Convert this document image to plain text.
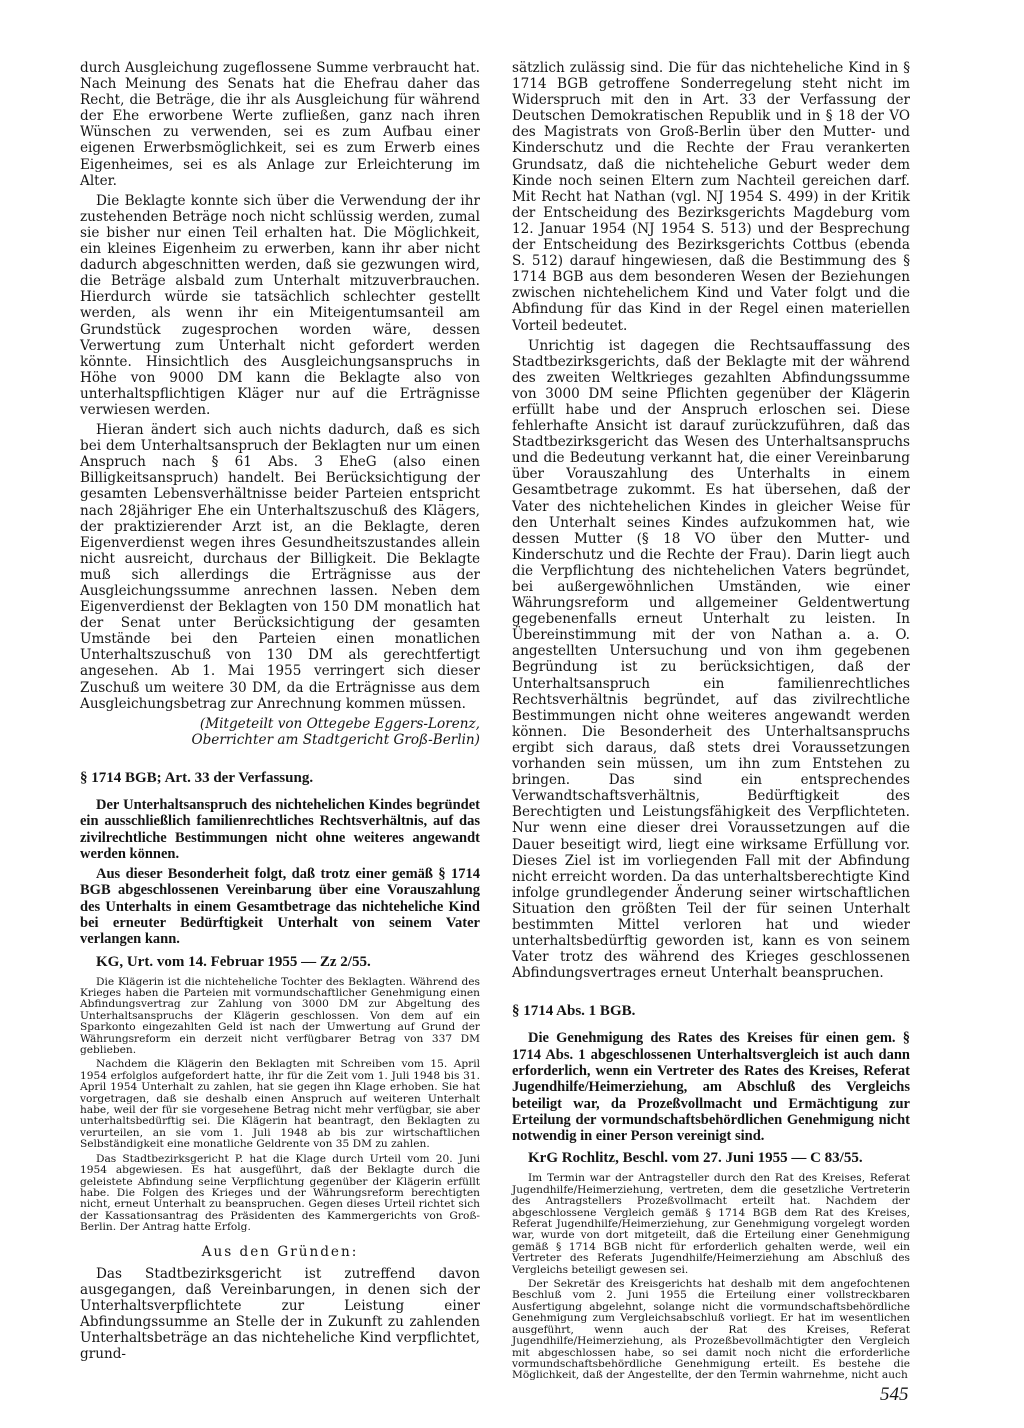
durch Ausgleichung zugeflossene Summe verbraucht hat. Nach Meinung des Senats hat die Ehefrau daher das Recht, die Beträge, die ihr als Ausgleichung für während der Ehe erworbene Werte zufließen, ganz nach ihren Wünschen zu verwenden, sei es zum Aufbau einer eigenen Erwerbsmöglichkeit, sei es zum Erwerb eines Eigenheimes, sei es als Anlage zur Erleichterung im Alter.

Die Beklagte konnte sich über die Verwendung der ihr zustehenden Beträge noch nicht schlüssig werden, zumal sie bisher nur einen Teil erhalten hat. Die Möglichkeit, ein kleines Eigenheim zu erwerben, kann ihr aber nicht dadurch abgeschnitten werden, daß sie gezwungen wird, die Beträge alsbald zum Unterhalt mitzuverbrauchen. Hierdurch würde sie tatsächlich schlechter gestellt werden, als wenn ihr ein Miteigentumsanteil am Grundstück zugesprochen worden wäre, dessen Verwertung zum Unterhalt nicht gefordert werden könnte. Hinsichtlich des Ausgleichungsanspruchs in Höhe von 9000 DM kann die Beklagte also von unterhaltspflichtigen Kläger nur auf die Erträgnisse verwiesen werden.

Hieran ändert sich auch nichts dadurch, daß es sich bei dem Unterhaltsanspruch der Beklagten nur um einen Anspruch nach § 61 Abs. 3 EheG (also einen Billigkeitsanspruch) handelt. Bei Berücksichtigung der gesamten Lebensverhältnisse beider Parteien entspricht nach 28jähriger Ehe ein Unterhaltszuschuß des Klägers, der praktizierender Arzt ist, an die Beklagte, deren Eigenverdienst wegen ihres Gesundheitszustandes allein nicht ausreicht, durchaus der Billigkeit. Die Beklagte muß sich allerdings die Erträgnisse aus der Ausgleichungssumme anrechnen lassen. Neben dem Eigenverdienst der Beklagten von 150 DM monatlich hat der Senat unter Berücksichtigung der gesamten Umstände bei den Parteien einen monatlichen Unterhaltszuschuß von 130 DM als gerechtfertigt angesehen. Ab 1. Mai 1955 verringert sich dieser Zuschuß um weitere 30 DM, da die Erträgnisse aus dem Ausgleichungsbetrag zur Anrechnung kommen müssen.

(Mitgeteilt von Ottegebe Eggers-Lorenz,
Oberrichter am Stadtgericht Groß-Berlin)

§ 1714 BGB; Art. 33 der Verfassung.

Der Unterhaltsanspruch des nichtehelichen Kindes begründet ein ausschließlich familienrechtliches Rechtsverhältnis, auf das zivilrechtliche Bestimmungen nicht ohne weiteres angewandt werden können.

Aus dieser Besonderheit folgt, daß trotz einer gemäß § 1714 BGB abgeschlossenen Vereinbarung über eine Vorauszahlung des Unterhalts in einem Gesamtbetrage das nichteheliche Kind bei erneuter Bedürftigkeit Unterhalt von seinem Vater verlangen kann.

KG, Urt. vom 14. Februar 1955 — Zz 2/55.

Die Klägerin ist die nichteheliche Tochter des Beklagten. Während des Krieges haben die Parteien mit vormundschaftlicher Genehmigung einen Abfindungsvertrag zur Zahlung von 3000 DM zur Abgeltung des Unterhaltsanspruchs der Klägerin geschlossen. Von dem auf ein Sparkonto eingezahlten Geld ist nach der Umwertung auf Grund der Währungsreform ein derzeit nicht verfügbarer Betrag von 337 DM geblieben.

Nachdem die Klägerin den Beklagten mit Schreiben vom 15. April 1954 erfolglos aufgefordert hatte, ihr für die Zeit vom 1. Juli 1948 bis 31. April 1954 Unterhalt zu zahlen, hat sie gegen ihn Klage erhoben. Sie hat vorgetragen, daß sie deshalb einen Anspruch auf weiteren Unterhalt habe, weil der für sie vorgesehene Betrag nicht mehr verfügbar, sie aber unterhaltsbedürftig sei. Die Klägerin hat beantragt, den Beklagten zu verurteilen, an sie vom 1. Juli 1948 ab bis zur wirtschaftlichen Selbständigkeit eine monatliche Geldrente von 35 DM zu zahlen.

Das Stadtbezirksgericht P. hat die Klage durch Urteil vom 20. Juni 1954 abgewiesen. Es hat ausgeführt, daß der Beklagte durch die geleistete Abfindung seine Verpflichtung gegenüber der Klägerin erfüllt habe. Die Folgen des Krieges und der Währungsreform berechtigten nicht, erneut Unterhalt zu beanspruchen. Gegen dieses Urteil richtet sich der Kassationsantrag des Präsidenten des Kammergerichts von Groß-Berlin. Der Antrag hatte Erfolg.

Aus den Gründen:

Das Stadtbezirksgericht ist zutreffend davon ausgegangen, daß Vereinbarungen, in denen sich der Unterhaltsverpflichtete zur Leistung einer Abfindungssumme an Stelle der in Zukunft zu zahlenden Unterhaltsbeträge an das nichteheliche Kind verpflichtet, grund-

sätzlich zulässig sind. Die für das nichteheliche Kind in § 1714 BGB getroffene Sonderregelung steht nicht im Widerspruch mit den in Art. 33 der Verfassung der Deutschen Demokratischen Republik und in § 18 der VO des Magistrats von Groß-Berlin über den Mutter- und Kinderschutz und die Rechte der Frau verankerten Grundsatz, daß die nichteheliche Geburt weder dem Kinde noch seinen Eltern zum Nachteil gereichen darf. Mit Recht hat Nathan (vgl. NJ 1954 S. 499) in der Kritik der Entscheidung des Bezirksgerichts Magdeburg vom 12. Januar 1954 (NJ 1954 S. 513) und der Besprechung der Entscheidung des Bezirksgerichts Cottbus (ebenda S. 512) darauf hingewiesen, daß die Bestimmung des § 1714 BGB aus dem besonderen Wesen der Beziehungen zwischen nichtehelichem Kind und Vater folgt und die Abfindung für das Kind in der Regel einen materiellen Vorteil bedeutet.

Unrichtig ist dagegen die Rechtsauffassung des Stadtbezirksgerichts, daß der Beklagte mit der während des zweiten Weltkrieges gezahlten Abfindungssumme von 3000 DM seine Pflichten gegenüber der Klägerin erfüllt habe und der Anspruch erloschen sei. Diese fehlerhafte Ansicht ist darauf zurückzuführen, daß das Stadtbezirksgericht das Wesen des Unterhaltsanspruchs und die Bedeutung verkannt hat, die einer Vereinbarung über Vorauszahlung des Unterhalts in einem Gesamtbetrage zukommt. Es hat übersehen, daß der Vater des nichtehelichen Kindes in gleicher Weise für den Unterhalt seines Kindes aufzukommen hat, wie dessen Mutter (§ 18 VO über den Mutter- und Kinderschutz und die Rechte der Frau). Darin liegt auch die Verpflichtung des nichtehelichen Vaters begründet, bei außergewöhnlichen Umständen, wie einer Währungsreform und allgemeiner Geldentwertung gegebenenfalls erneut Unterhalt zu leisten. In Übereinstimmung mit der von Nathan a. a. O. angestellten Untersuchung und von ihm gegebenen Begründung ist zu berücksichtigen, daß der Unterhaltsanspruch ein familienrechtliches Rechtsverhältnis begründet, auf das zivilrechtliche Bestimmungen nicht ohne weiteres angewandt werden können. Die Besonderheit des Unterhaltsanspruchs ergibt sich daraus, daß stets drei Voraussetzungen vorhanden sein müssen, um ihn zum Entstehen zu bringen. Das sind ein entsprechendes Verwandtschaftsverhältnis, Bedürftigkeit des Berechtigten und Leistungsfähigkeit des Verpflichteten. Nur wenn eine dieser drei Voraussetzungen auf die Dauer beseitigt wird, liegt eine wirksame Erfüllung vor. Dieses Ziel ist im vorliegenden Fall mit der Abfindung nicht erreicht worden. Da das unterhaltsberechtigte Kind infolge grundlegender Änderung seiner wirtschaftlichen Situation den größten Teil der für seinen Unterhalt bestimmten Mittel verloren hat und wieder unterhaltsbedürftig geworden ist, kann es von seinem Vater trotz des während des Krieges geschlossenen Abfindungsvertrages erneut Unterhalt beanspruchen.

§ 1714 Abs. 1 BGB.

Die Genehmigung des Rates des Kreises für einen gem. § 1714 Abs. 1 abgeschlossenen Unterhaltsvergleich ist auch dann erforderlich, wenn ein Vertreter des Rates des Kreises, Referat Jugendhilfe/Heimerziehung, am Abschluß des Vergleichs beteiligt war, da Prozeßvollmacht und Ermächtigung zur Erteilung der vormundschaftsbehördlichen Genehmigung nicht notwendig in einer Person vereinigt sind.

KrG Rochlitz, Beschl. vom 27. Juni 1955 — C 83/55.

Im Termin war der Antragsteller durch den Rat des Kreises, Referat Jugendhilfe/Heimerziehung, vertreten, dem die gesetzliche Vertreterin des Antragstellers Prozeßvollmacht erteilt hat. Nachdem der abgeschlossene Vergleich gemäß § 1714 BGB dem Rat des Kreises, Referat Jugendhilfe/Heimerziehung, zur Genehmigung vorgelegt worden war, wurde von dort mitgeteilt, daß die Erteilung einer Genehmigung gemäß § 1714 BGB nicht für erforderlich gehalten werde, weil ein Vertreter des Referats Jugendhilfe/Heimerziehung am Abschluß des Vergleichs beteiligt gewesen sei.

Der Sekretär des Kreisgerichts hat deshalb mit dem angefochtenen Beschluß vom 2. Juni 1955 die Erteilung einer vollstreckbaren Ausfertigung abgelehnt, solange nicht die vormundschaftsbehördliche Genehmigung zum Vergleichsabschluß vorliegt. Er hat im wesentlichen ausgeführt, wenn auch der Rat des Kreises, Referat Jugendhilfe/Heimerziehung, als Prozeßbevollmächtigter den Vergleich mit abgeschlossen habe, so sei damit noch nicht die erforderliche vormundschaftsbehördliche Genehmigung erteilt. Es bestehe die Möglichkeit, daß der Angestellte, der den Termin wahrnehme, nicht auch

545
